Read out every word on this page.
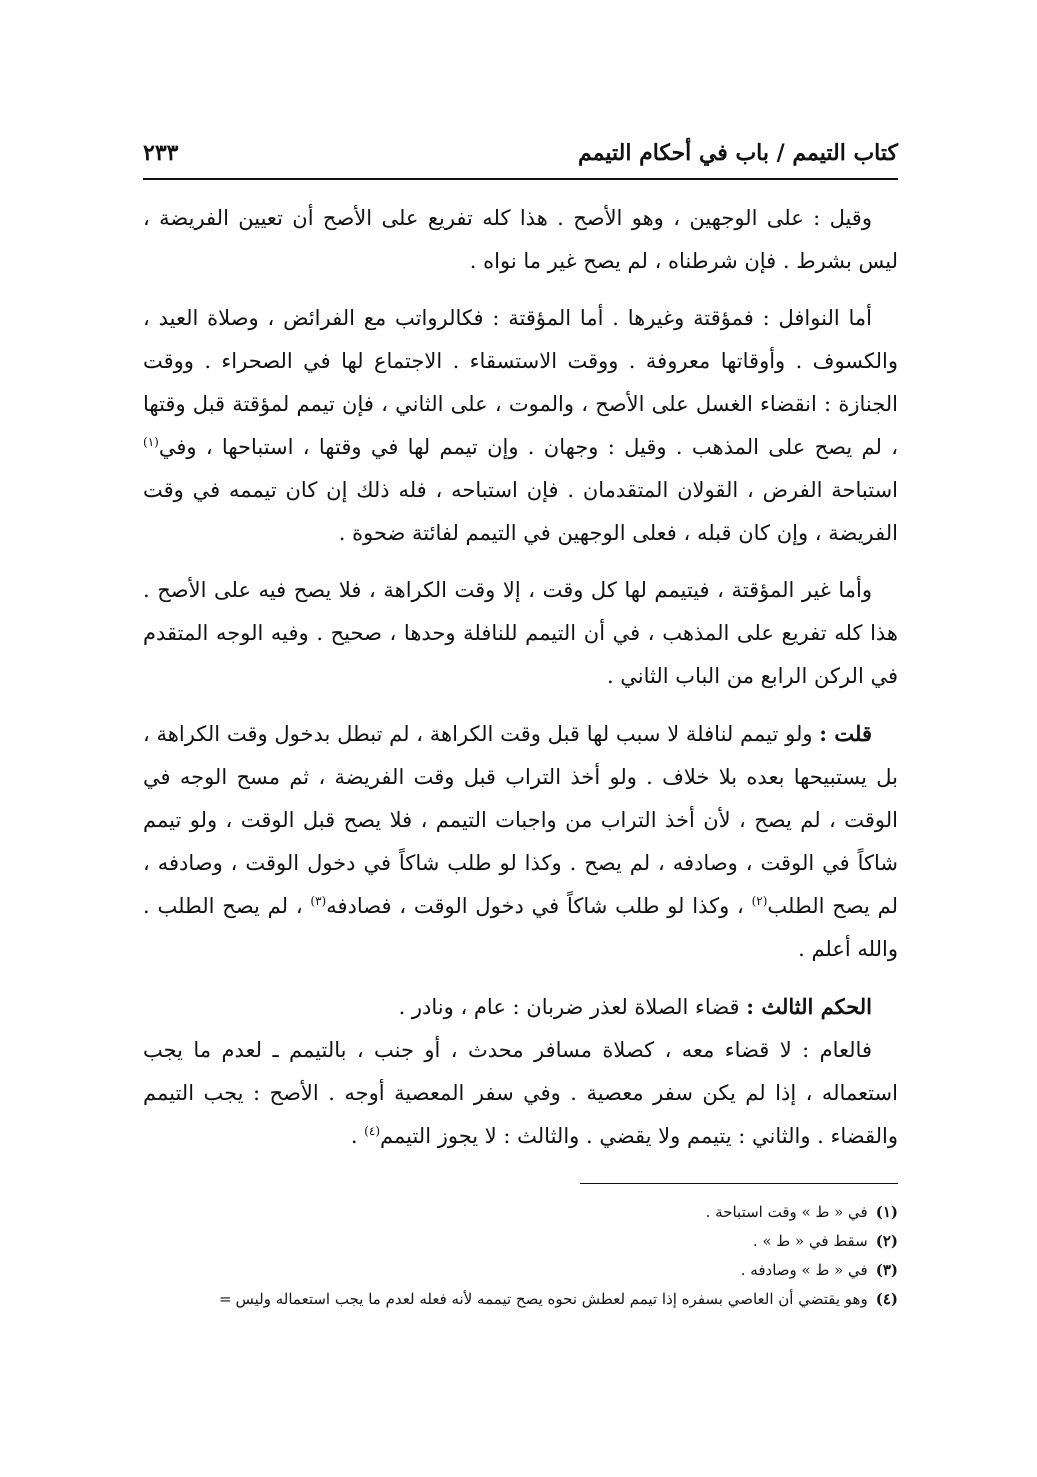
كتاب التيمم / باب في أحكام التيمم
٢٣٣

وقيل : على الوجهين ، وهو الأصح . هذا كله تفريع على الأصح أن تعيين الفريضة ، ليس بشرط . فإن شرطناه ، لم يصح غير ما نواه .

أما النوافل : فمؤقتة وغيرها . أما المؤقتة : فكالرواتب مع الفرائض ، وصلاة العيد ، والكسوف . وأوقاتها معروفة . ووقت الاستسقاء . الاجتماع لها في الصحراء . ووقت الجنازة : انقضاء الغسل على الأصح ، والموت ، على الثاني ، فإن تيمم لمؤقتة قبل وقتها ، لم يصح على المذهب . وقيل : وجهان . وإن تيمم لها في وقتها ، استباحها ، وفي$^{(١)}$ استباحة الفرض ، القولان المتقدمان . فإن استباحه ، فله ذلك إن كان تيممه في وقت الفريضة ، وإن كان قبله ، فعلى الوجهين في التيمم لفائتة ضحوة .

وأما غير المؤقتة ، فيتيمم لها كل وقت ، إلا وقت الكراهة ، فلا يصح فيه على الأصح . هذا كله تفريع على المذهب ، في أن التيمم للنافلة وحدها ، صحيح . وفيه الوجه المتقدم في الركن الرابع من الباب الثاني .

قلت : ولو تيمم لنافلة لا سبب لها قبل وقت الكراهة ، لم تبطل بدخول وقت الكراهة ، بل يستبيحها بعده بلا خلاف . ولو أخذ التراب قبل وقت الفريضة ، ثم مسح الوجه في الوقت ، لم يصح ، لأن أخذ التراب من واجبات التيمم ، فلا يصح قبل الوقت ، ولو تيمم شاكاً في الوقت ، وصادفه ، لم يصح . وكذا لو طلب شاكاً في دخول الوقت ، وصادفه ، لم يصح الطلب$^{(٢)}$ ، وكذا لو طلب شاكاً في دخول الوقت ، فصادفه$^{(٣)}$ ، لم يصح الطلب . والله أعلم .

الحكم الثالث : قضاء الصلاة لعذر ضربان : عام ، ونادر .

فالعام : لا قضاء معه ، كصلاة مسافر محدث ، أو جنب ، بالتيمم ـ لعدم ما يجب استعماله ، إذا لم يكن سفر معصية . وفي سفر المعصية أوجه . الأصح : يجب التيمم والقضاء . والثاني : يتيمم ولا يقضي . والثالث : لا يجوز التيمم$^{(٤)}$ .

(١)في « ط » وقت استباحة .
(٢)سقط في « ط » .
(٣)في « ط » وصادفه .
(٤)وهو يقتضي أن العاصي بسفره إذا تيمم لعطش نحوه يصح تيممه لأنه فعله لعدم ما يجب استعماله وليس=
